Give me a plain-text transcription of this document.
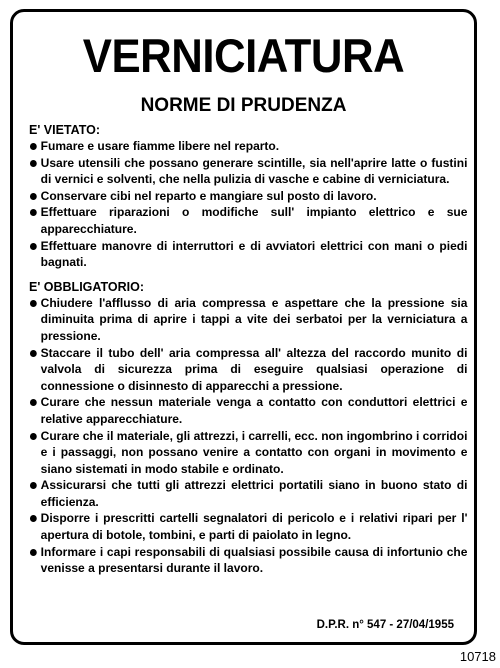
VERNICIATURA
NORME DI PRUDENZA

E' VIETATO:

Fumare e usare fiamme libere nel reparto.
Usare utensili che possano generare scintille, sia nell'aprire latte o fustini di vernici e solventi, che nella pulizia di vasche e cabine di verniciatura.
Conservare cibi nel reparto e mangiare sul posto di lavoro.
Effettuare riparazioni o modifiche sull' impianto elettrico e sue apparecchiature.
Effettuare manovre di interruttori e di avviatori elettrici con mani o piedi bagnati.

E' OBBLIGATORIO:

Chiudere l'afflusso di aria compressa e aspettare che la pressione sia diminuita prima di aprire i tappi a vite dei serbatoi per la verniciatura a pressione.
Staccare il tubo dell' aria compressa all' altezza del raccordo munito di valvola di sicurezza prima di eseguire qualsiasi operazione di connessione o disinnesto di apparecchi a pressione.
Curare che nessun materiale venga a contatto con conduttori elettrici e relative apparecchiature.
Curare che il materiale, gli attrezzi, i carrelli, ecc. non ingombrino i corridoi e i passaggi, non possano venire a contatto con organi in movimento e siano sistemati in modo stabile e ordinato.
Assicurarsi che tutti gli attrezzi elettrici portatili siano in buono stato di efficienza.
Disporre i prescritti cartelli segnalatori di pericolo e i relativi ripari per l' apertura di botole, tombini, e parti di paiolato in legno.
Informare i capi responsabili di qualsiasi possibile causa di infortunio che venisse a presentarsi durante il lavoro.
D.P.R. n° 547 - 27/04/1955
10718
